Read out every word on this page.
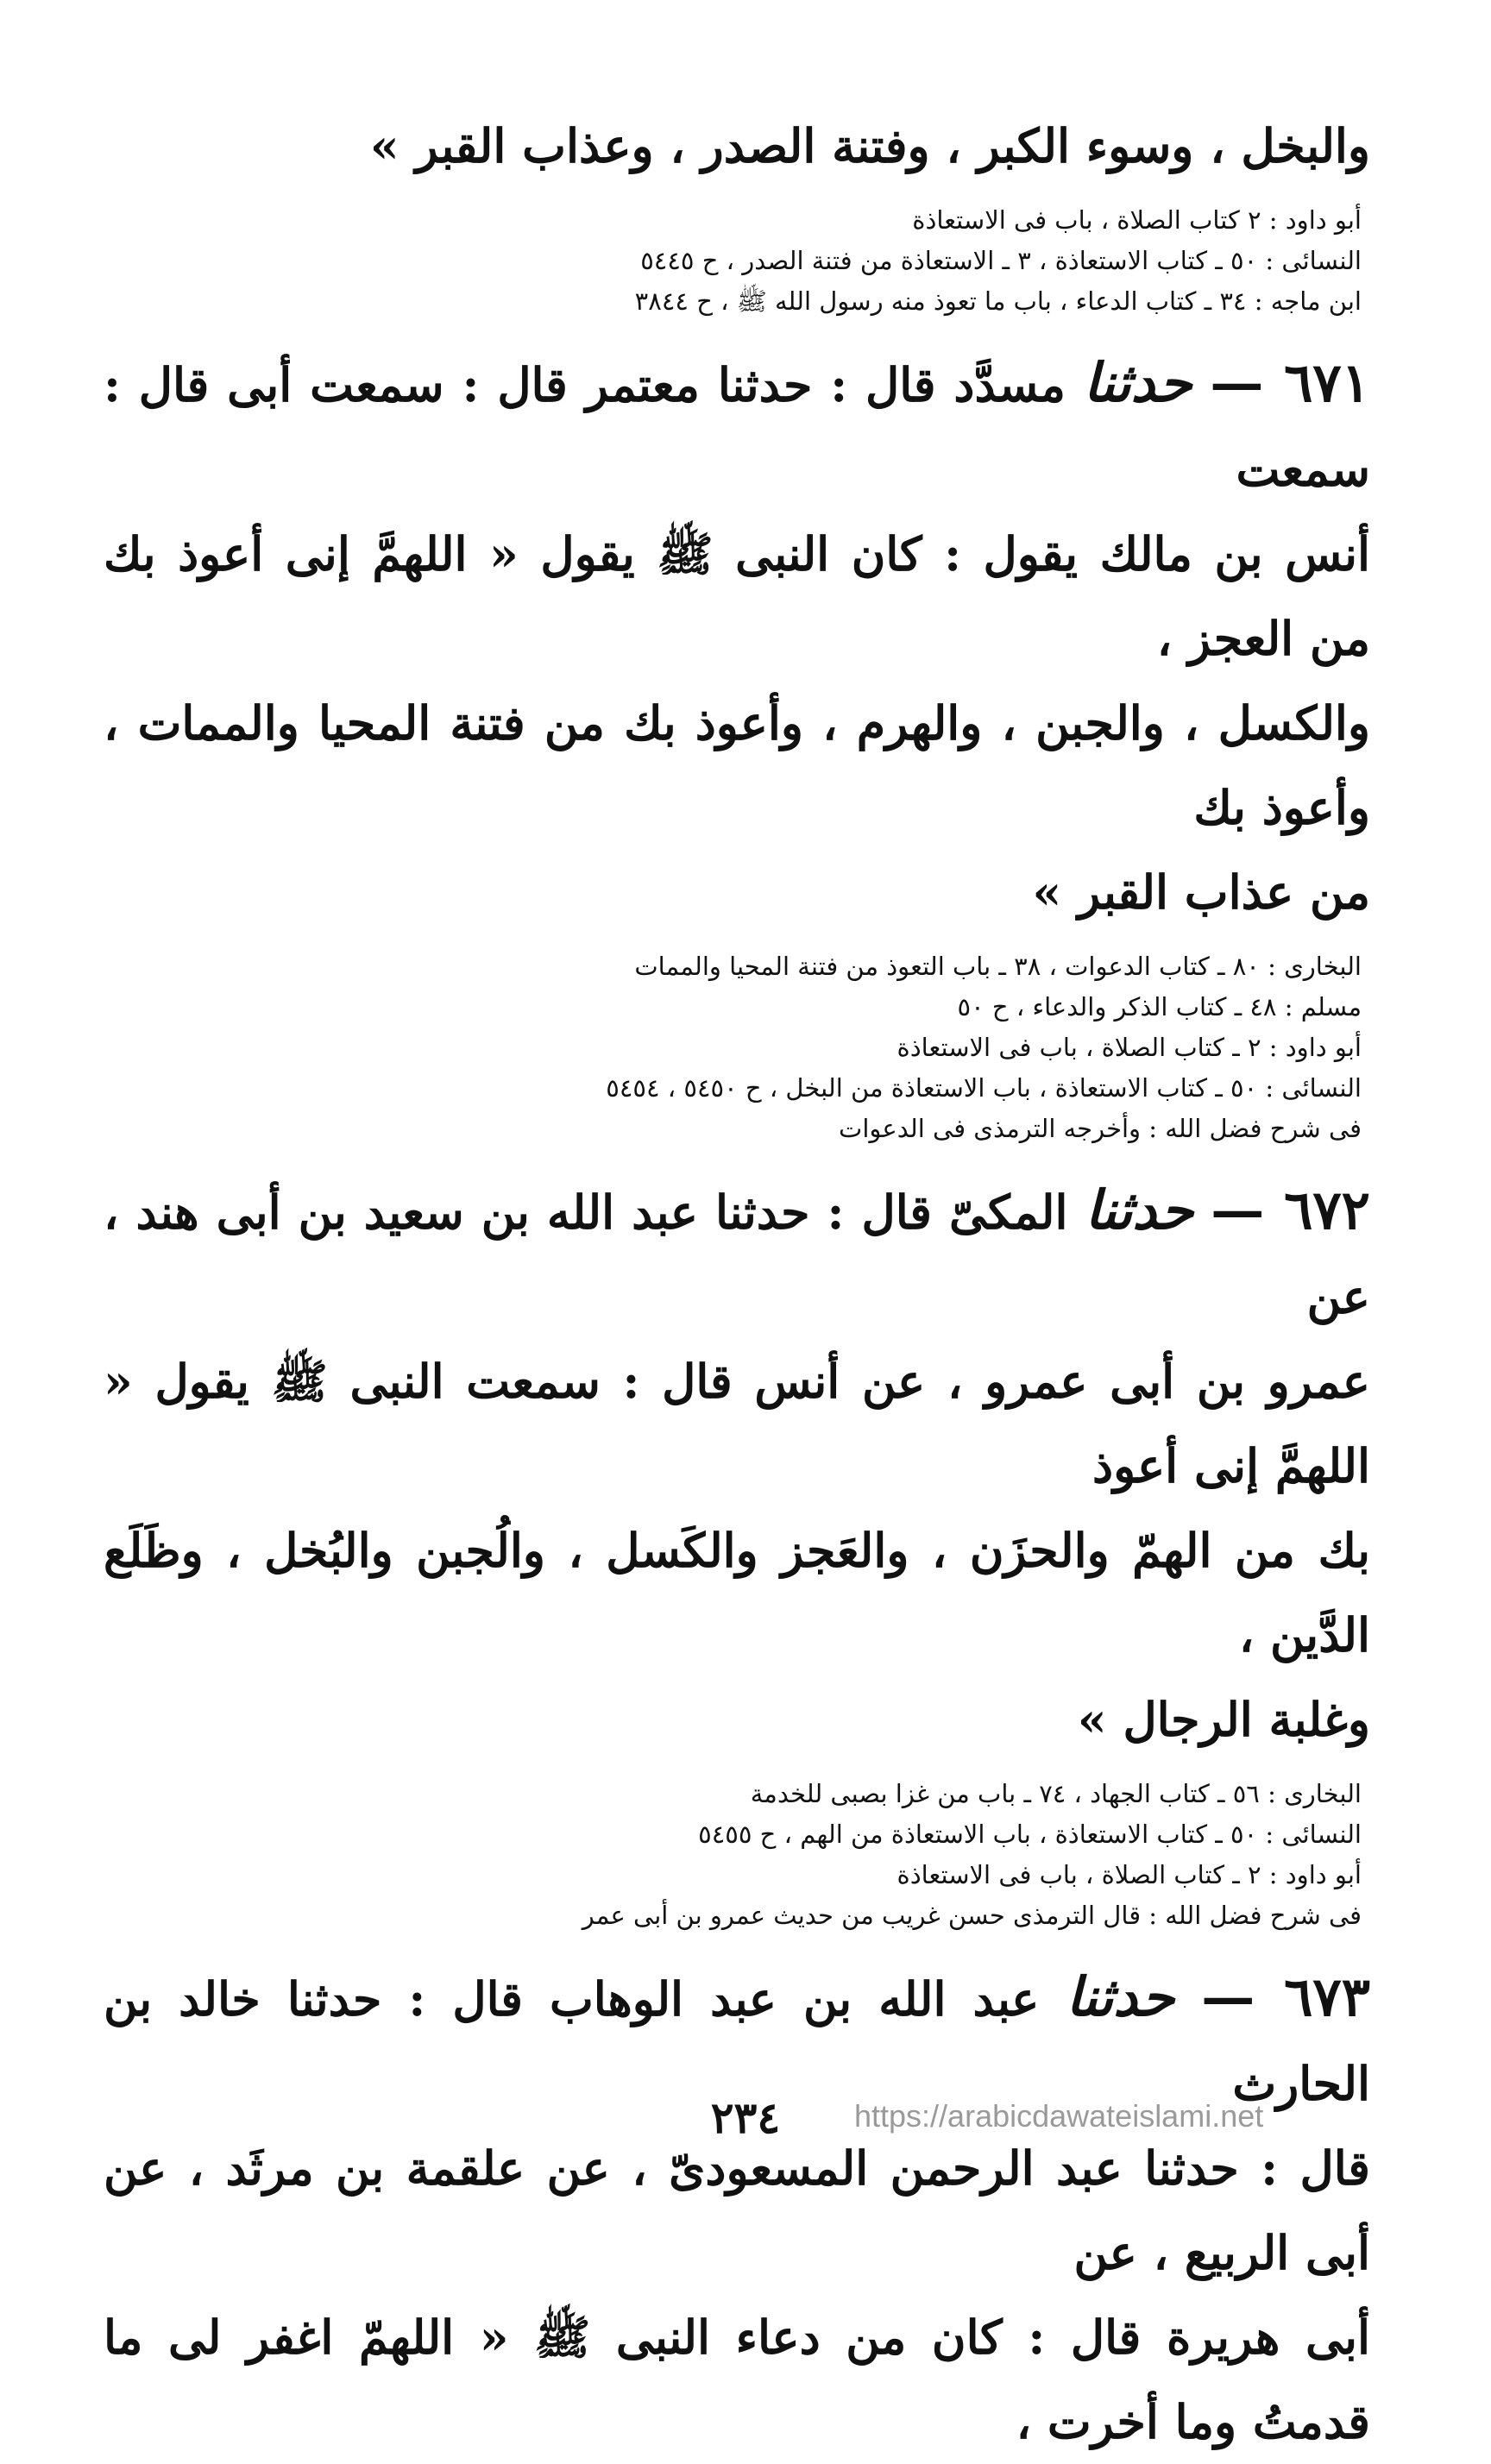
والبخل ، وسوء الكبر ، وفتنة الصدر ، وعذاب القبر »

أبو داود : ٢ كتاب الصلاة ، باب فى الاستعاذة

النسائى : ٥٠ ـ كتاب الاستعاذة ، ٣ ـ الاستعاذة من فتنة الصدر ، ح ٥٤٤٥

ابن ماجه : ٣٤ ـ كتاب الدعاء ، باب ما تعوذ منه رسول الله ﷺ ، ح ٣٨٤٤

٦٧١ — حدثنا مسدَّد قال : حدثنا معتمر قال : سمعت أبى قال : سمعت

أنس بن مالك يقول : كان النبى ﷺ يقول « اللهمَّ إنى أعوذ بك من العجز ،

والكسل ، والجبن ، والهرم ، وأعوذ بك من فتنة المحيا والممات ، وأعوذ بك

من عذاب القبر »

البخارى : ٨٠ ـ كتاب الدعوات ، ٣٨ ـ باب التعوذ من فتنة المحيا والممات

مسلم : ٤٨ ـ كتاب الذكر والدعاء ، ح ٥٠

أبو داود : ٢ ـ كتاب الصلاة ، باب فى الاستعاذة

النسائى : ٥٠ ـ كتاب الاستعاذة ، باب الاستعاذة من البخل ، ح ٥٤٥٠ ، ٥٤٥٤

فى شرح فضل الله : وأخرجه الترمذى فى الدعوات

٦٧٢ — حدثنا المكىّ قال : حدثنا عبد الله بن سعيد بن أبى هند ، عن

عمرو بن أبى عمرو ، عن أنس قال : سمعت النبى ﷺ يقول « اللهمَّ إنى أعوذ

بك من الهمّ والحزَن ، والعَجز والكَسل ، والُجبن والبُخل ، وظَلَع الدَّين ،

وغلبة الرجال »

البخارى : ٥٦ ـ كتاب الجهاد ، ٧٤ ـ باب من غزا بصبى للخدمة

النسائى : ٥٠ ـ كتاب الاستعاذة ، باب الاستعاذة من الهم ، ح ٥٤٥٥

أبو داود : ٢ ـ كتاب الصلاة ، باب فى الاستعاذة

فى شرح فضل الله : قال الترمذى حسن غريب من حديث عمرو بن أبى عمر

٦٧٣ — حدثنا عبد الله بن عبد الوهاب قال : حدثنا خالد بن الحارث

قال : حدثنا عبد الرحمن المسعودىّ ، عن علقمة بن مرثَد ، عن أبى الربيع ، عن

أبى هريرة قال : كان من دعاء النبى ﷺ « اللهمّ اغفر لى ما قدمتُ وما أخرت ،

٢٣٤	https://arabicdawateislami.net
